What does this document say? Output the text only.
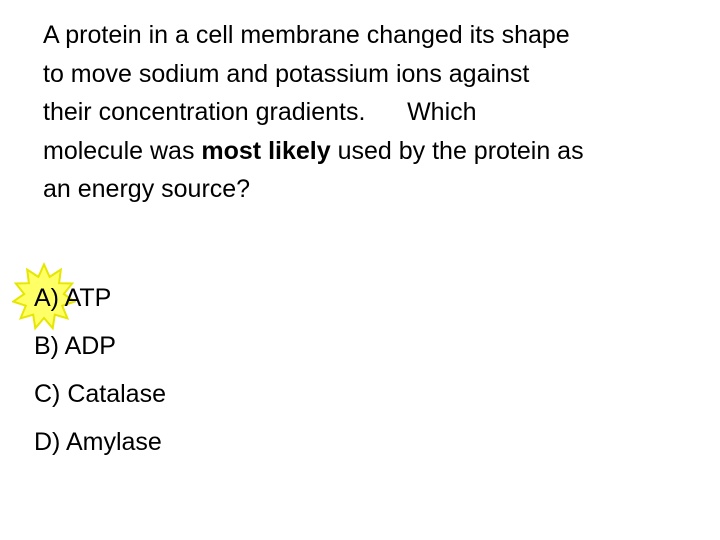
A protein in a cell membrane changed its shape
to move sodium and potassium ions against
their concentration gradients.      Which
molecule was most likely used by the protein as
an energy source?
A) ATP
B) ADP
C) Catalase
D) Amylase
